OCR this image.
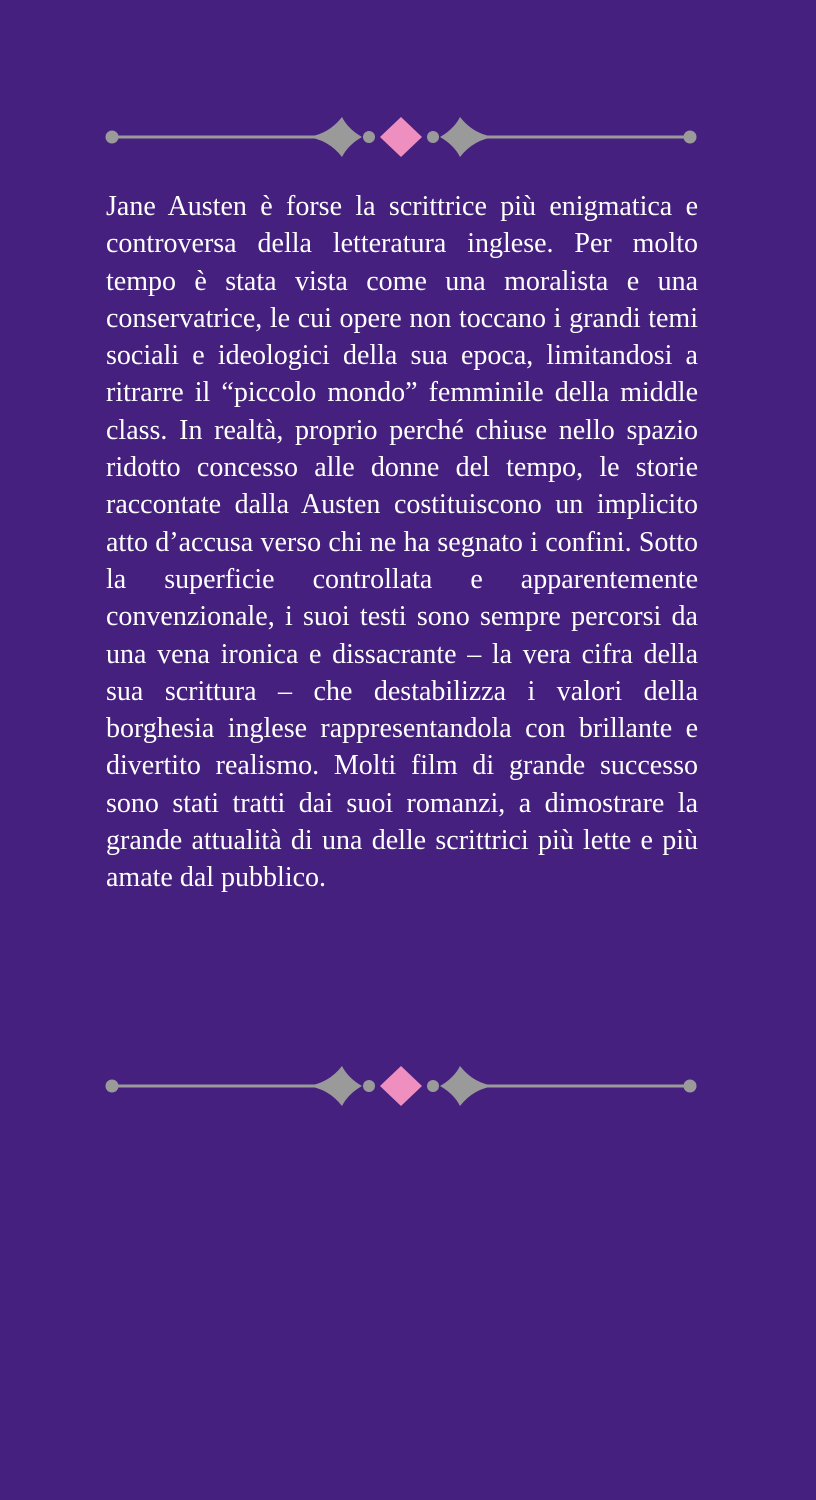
Jane Austen è forse la scrittrice più enigmatica e controversa della letteratura inglese. Per molto tempo è stata vista come una moralista e una conservatrice, le cui opere non toccano i grandi temi sociali e ideologici della sua epoca, limitandosi a ritrarre il “piccolo mondo” femminile della middle class. In realtà, proprio perché chiuse nello spazio ridotto concesso alle donne del tempo, le storie raccontate dalla Austen costituiscono un implicito atto d’accusa verso chi ne ha segnato i confini. Sotto la superficie controllata e apparentemente convenzionale, i suoi testi sono sempre percorsi da una vena ironica e dissacrante – la vera cifra della sua scrittura – che destabilizza i valori della borghesia inglese rappresentandola con brillante e divertito realismo. Molti film di grande successo sono stati tratti dai suoi romanzi, a dimostrare la grande attualità di una delle scrittrici più lette e più amate dal pubblico.
